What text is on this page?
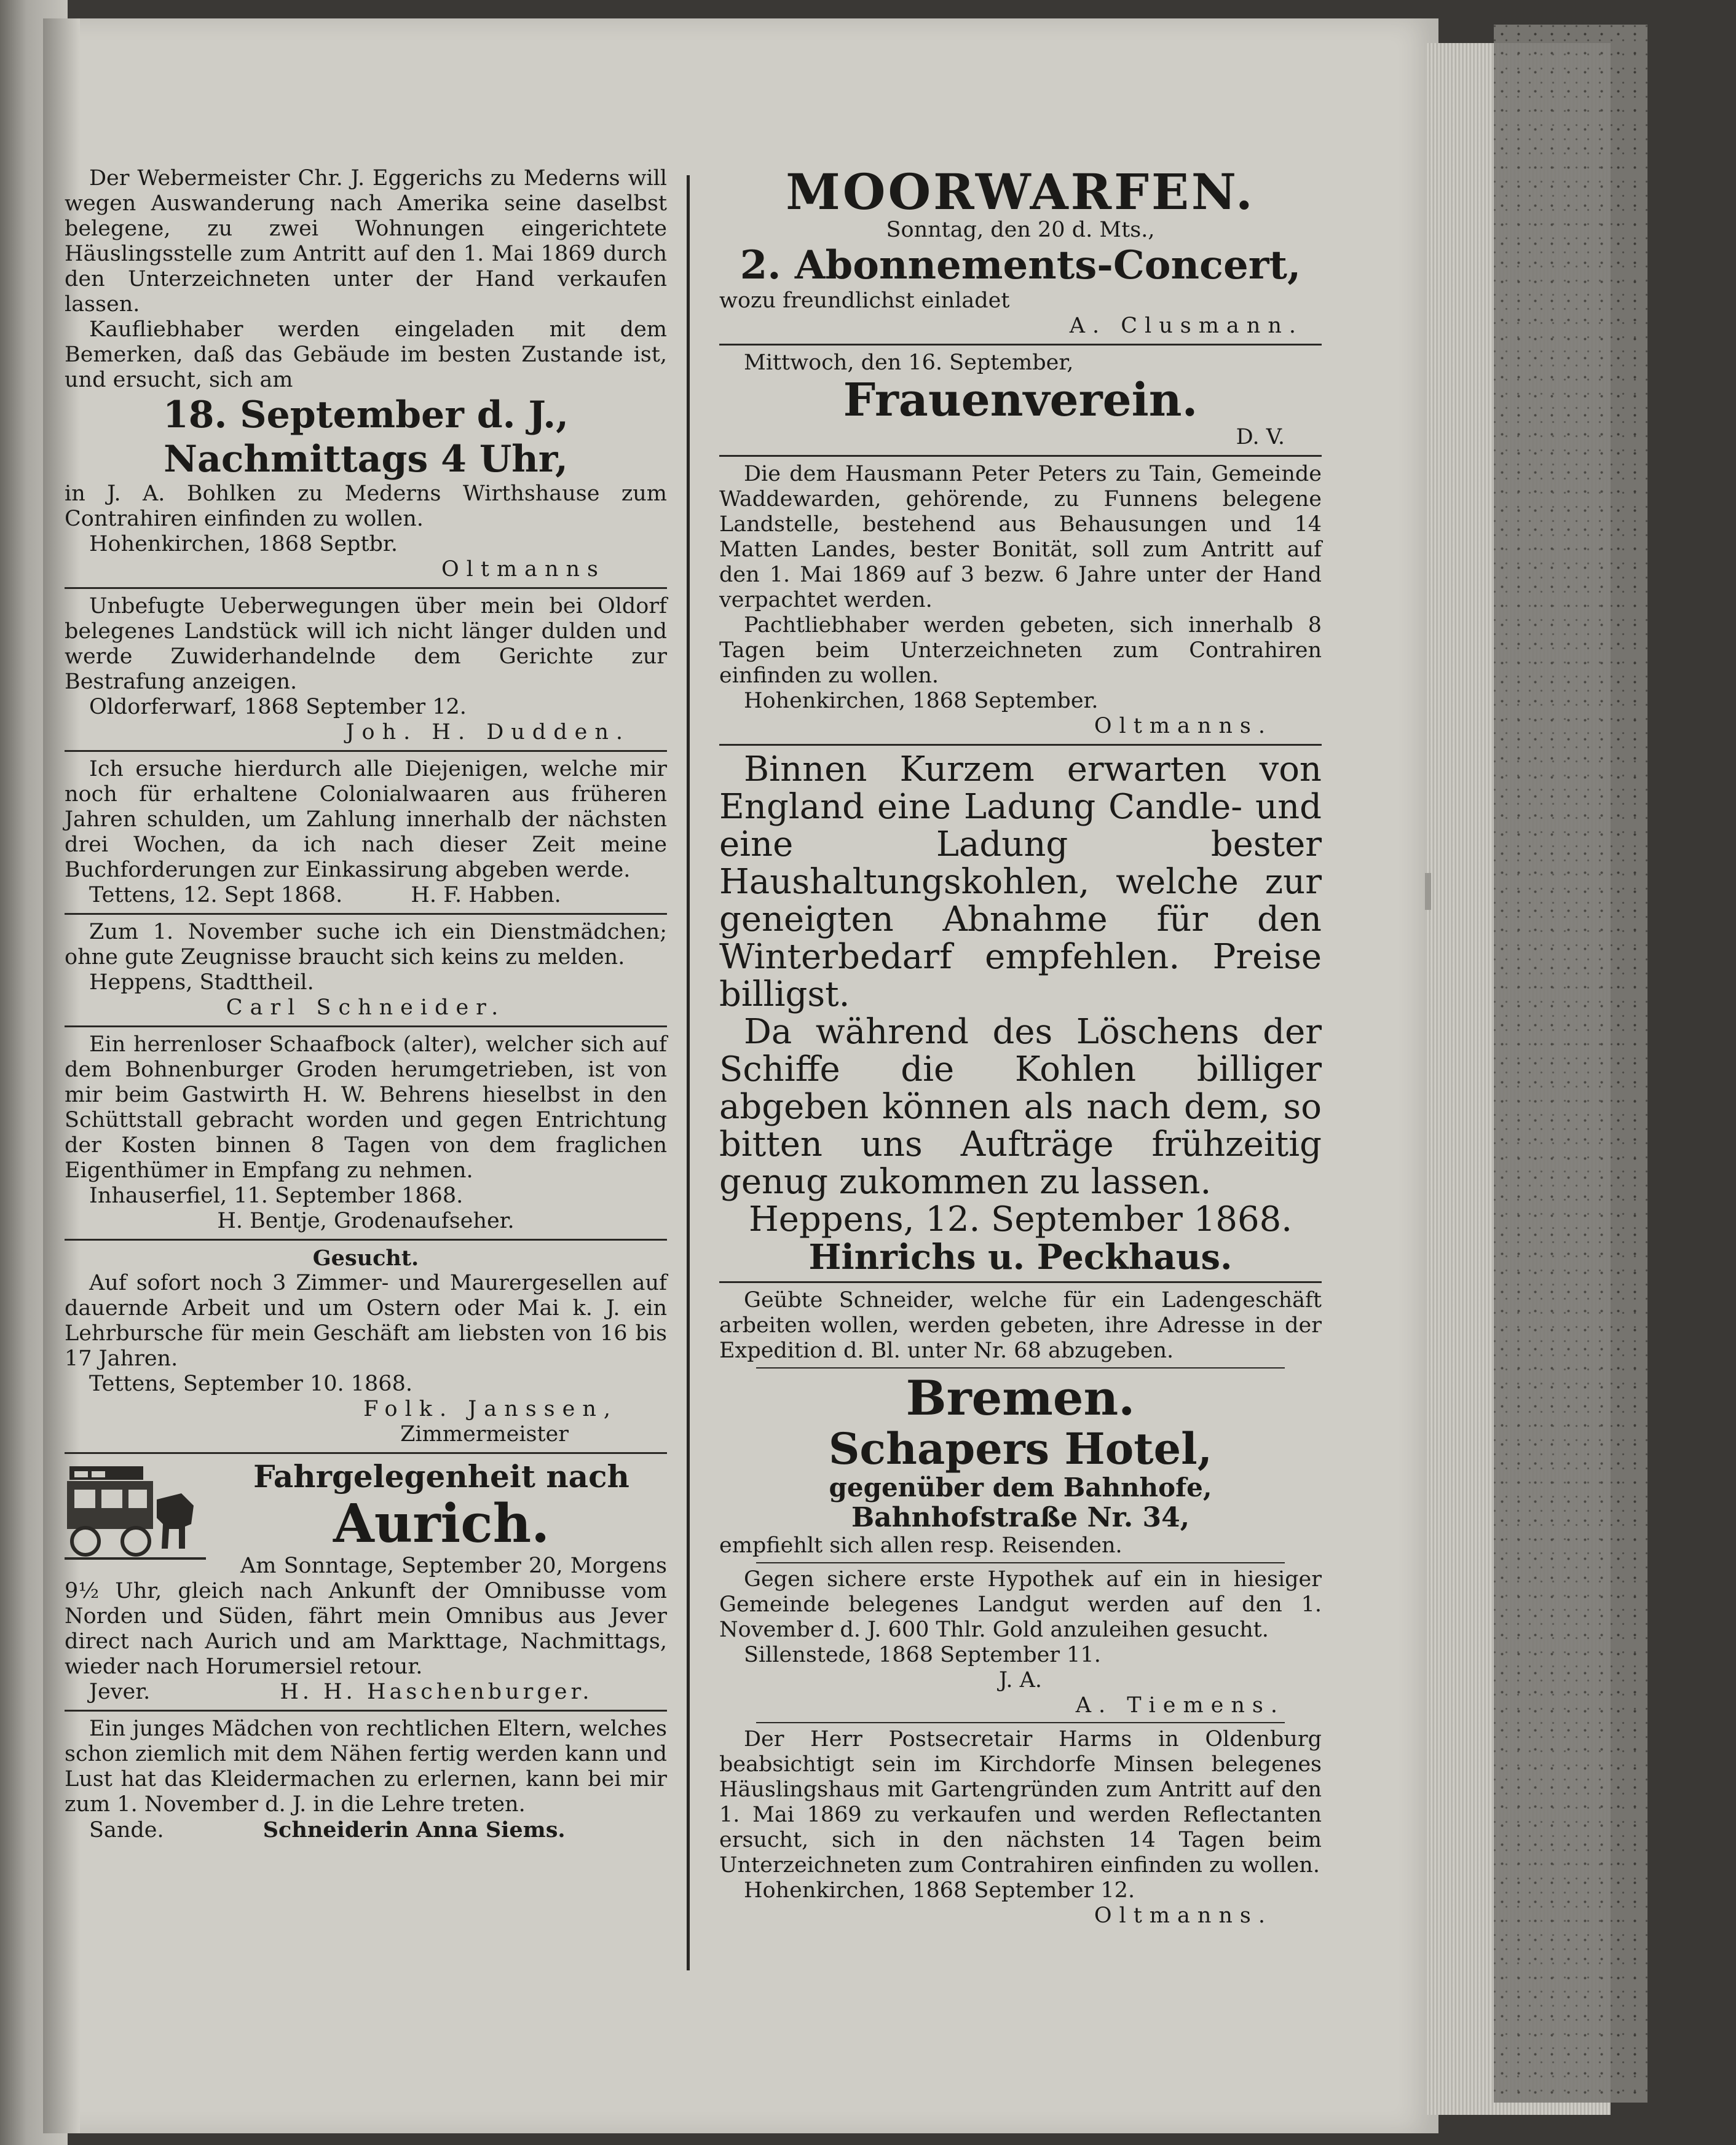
Der Webermeister Chr. J. Eggerichs zu Mederns will wegen Auswanderung nach Amerika seine daselbst belegene, zu zwei Wohnungen eingerichtete Häuslingsstelle zum Antritt auf den 1. Mai 1869 durch den Unterzeichneten unter der Hand verkaufen lassen.

Kaufliebhaber werden eingeladen mit dem Bemerken, daß das Gebäude im besten Zustande ist, und ersucht, sich am

18. September d. J.,

Nachmittags 4 Uhr,

in J. A. Bohlken zu Mederns Wirthshause zum Contrahiren einfinden zu wollen.

Hohenkirchen, 1868 Septbr.

Oltmanns

Unbefugte Ueberwegungen über mein bei Oldorf belegenes Landstück will ich nicht länger dulden und werde Zuwiderhandelnde dem Gerichte zur Bestrafung anzeigen.

Oldorferwarf, 1868 September 12.

Joh. H. Dudden.

Ich ersuche hierdurch alle Diejenigen, welche mir noch für erhaltene Colonialwaaren aus früheren Jahren schulden, um Zahlung innerhalb der nächsten drei Wochen, da ich nach dieser Zeit meine Buchforderungen zur Einkassirung abgeben werde.

Tettens, 12. Sept 1868.	H. F. Habben.

Zum 1. November suche ich ein Dienstmädchen; ohne gute Zeugnisse braucht sich keins zu melden.

Heppens, Stadttheil.

Carl Schneider.

Ein herrenloser Schaafbock (alter), welcher sich auf dem Bohnenburger Groden herumgetrieben, ist von mir beim Gastwirth H. W. Behrens hieselbst in den Schüttstall gebracht worden und gegen Entrichtung der Kosten binnen 8 Tagen von dem fraglichen Eigenthümer in Empfang zu nehmen.

Inhauserfiel, 11. September 1868.

H. Bentje, Grodenaufseher.

Gesucht.

Auf sofort noch 3 Zimmer- und Maurergesellen auf dauernde Arbeit und um Ostern oder Mai k. J. ein Lehrbursche für mein Geschäft am liebsten von 16 bis 17 Jahren.

Tettens, September 10. 1868.

Folk. Janssen,

Zimmermeister

Fahrgelegenheit nach

Aurich.

Am Sonntage, September 20, Morgens 9½ Uhr, gleich nach Ankunft der Omnibusse vom Norden und Süden, fährt mein Omnibus aus Jever direct nach Aurich und am Markttage, Nachmittags, wieder nach Horumersiel retour.

Jever.	H. H. Haschenburger.

Ein junges Mädchen von rechtlichen Eltern, welches schon ziemlich mit dem Nähen fertig werden kann und Lust hat das Kleidermachen zu erlernen, kann bei mir zum 1. November d. J. in die Lehre treten.

Sande.	Schneiderin Anna Siems.

MOORWARFEN.

Sonntag, den 20 d. Mts.,

2. Abonnements-Concert,

wozu freundlichst einladet

A. Clusmann.

Mittwoch, den 16. September,

Frauenverein.

D. V.

Die dem Hausmann Peter Peters zu Tain, Gemeinde Waddewarden, gehörende, zu Funnens belegene Landstelle, bestehend aus Behausungen und 14 Matten Landes, bester Bonität, soll zum Antritt auf den 1. Mai 1869 auf 3 bezw. 6 Jahre unter der Hand verpachtet werden.

Pachtliebhaber werden gebeten, sich innerhalb 8 Tagen beim Unterzeichneten zum Contrahiren einfinden zu wollen.

Hohenkirchen, 1868 September.

Oltmanns.

Binnen Kurzem erwarten von England eine Ladung Candle- und eine Ladung bester Haushaltungskohlen, welche zur geneigten Abnahme für den Winterbedarf empfehlen. Preise billigst.

Da während des Löschens der Schiffe die Kohlen billiger abgeben können als nach dem, so bitten uns Aufträge frühzeitig genug zukommen zu lassen.

Heppens, 12. September 1868.

Hinrichs u. Peckhaus.

Geübte Schneider, welche für ein Ladengeschäft arbeiten wollen, werden gebeten, ihre Adresse in der Expedition d. Bl. unter Nr. 68 abzugeben.

Bremen.

Schapers Hotel,

gegenüber dem Bahnhofe,

Bahnhofstraße Nr. 34,

empfiehlt sich allen resp. Reisenden.

Gegen sichere erste Hypothek auf ein in hiesiger Gemeinde belegenes Landgut werden auf den 1. November d. J. 600 Thlr. Gold anzuleihen gesucht.

Sillenstede, 1868 September 11.

J. A.

A. Tiemens.

Der Herr Postsecretair Harms in Oldenburg beabsichtigt sein im Kirchdorfe Minsen belegenes Häuslingshaus mit Gartengründen zum Antritt auf den 1. Mai 1869 zu verkaufen und werden Reflectanten ersucht, sich in den nächsten 14 Tagen beim Unterzeichneten zum Contrahiren einfinden zu wollen.

Hohenkirchen, 1868 September 12.

Oltmanns.
